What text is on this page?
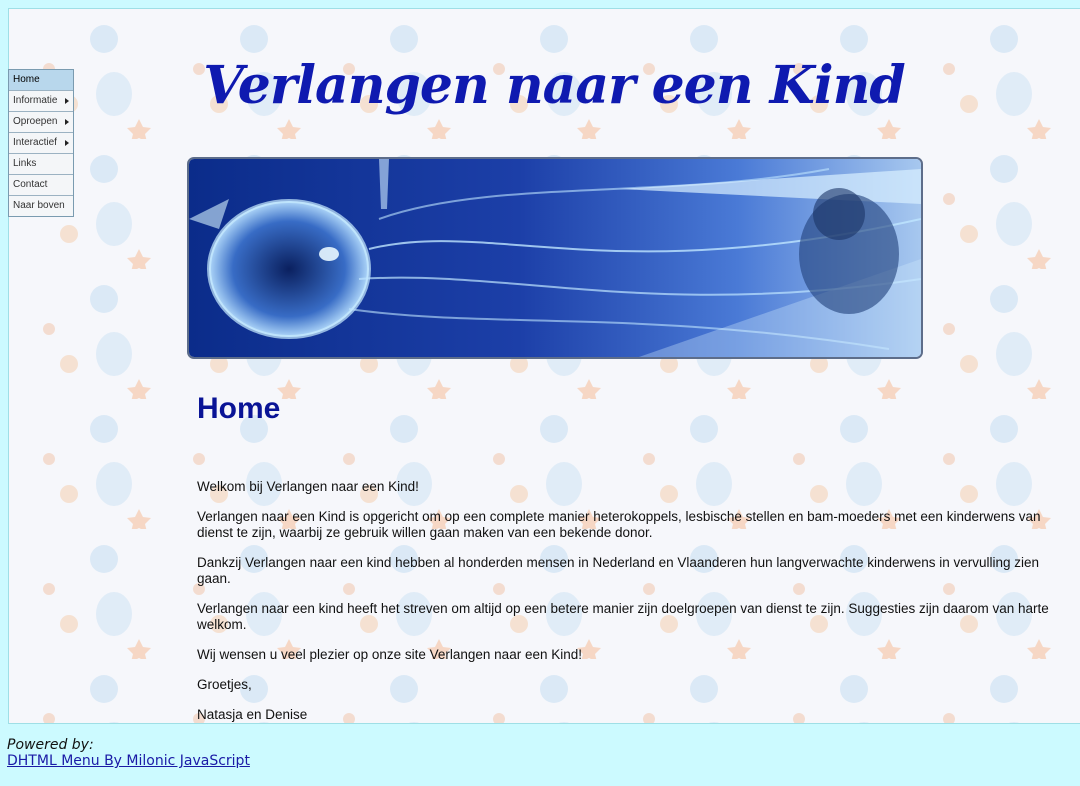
Verlangen naar een Kind
Home

Welkom bij Verlangen naar een Kind!

Verlangen naar een Kind is opgericht om op een complete manier heterokoppels, lesbische stellen en bam-moeders met een kinderwens van dienst te zijn, waarbij ze gebruik willen gaan maken van een bekende donor.

Dankzij Verlangen naar een kind hebben al honderden mensen in Nederland en Vlaanderen hun langverwachte kinderwens in vervulling zien gaan.

Verlangen naar een kind heeft het streven om altijd op een betere manier zijn doelgroepen van dienst te zijn. Suggesties zijn daarom van harte welkom.

Wij wensen u veel plezier op onze site Verlangen naar een Kind!

Groetjes,

Natasja en Denise

Home
Informatie
Oproepen
Interactief
Links
Contact
Naar boven
Powered by:
DHTML Menu By Milonic JavaScript
